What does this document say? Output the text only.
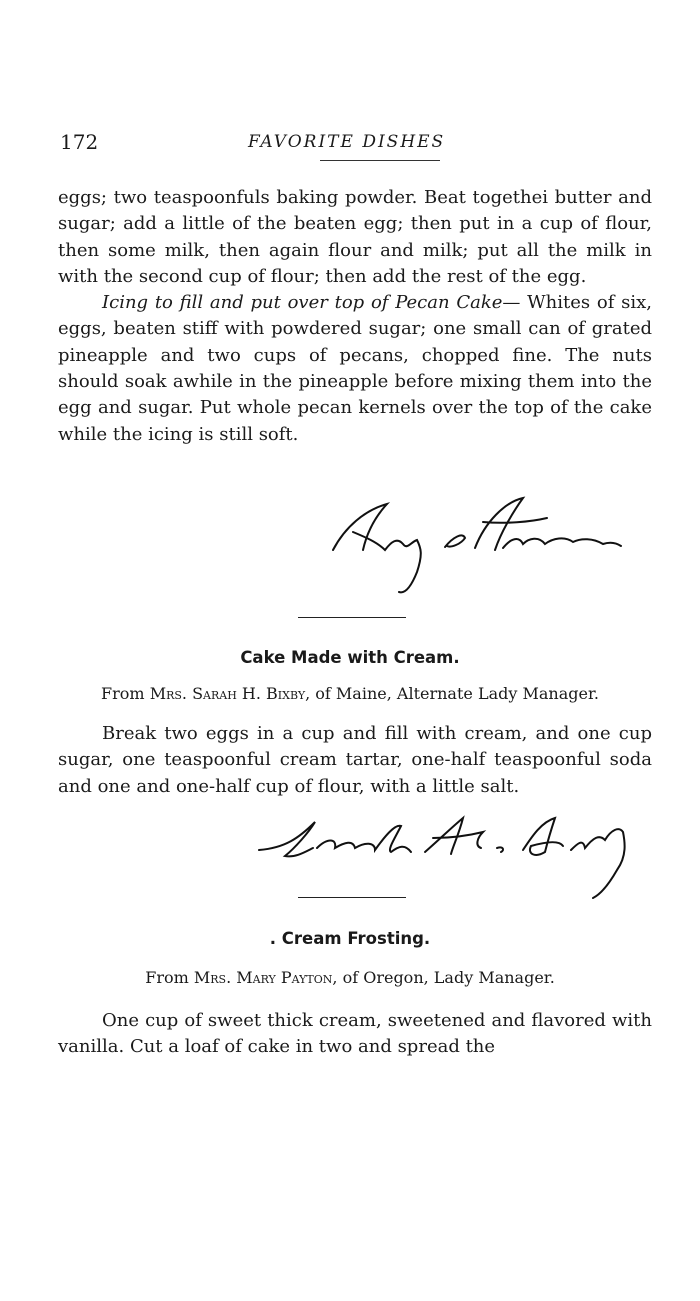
172	FAVORITE DISHES

eggs; two teaspoonfuls baking powder. Beat togethei butter and sugar; add a little of the beaten egg; then put in a cup of flour, then some milk, then again flour and milk; put all the milk in with the second cup of flour; then add the rest of the egg.

Icing to fill and put over top of Pecan Cake— Whites of six, eggs, beaten stiff with powdered sugar; one small can of grated pineapple and two cups of pecans, chopped fine. The nuts should soak awhile in the pineapple before mixing them into the egg and sugar. Put whole pecan kernels over the top of the cake while the icing is still soft.

Cake Made with Cream.
From Mrs. Sarah H. Bixby, of Maine, Alternate Lady Manager.

Break two eggs in a cup and fill with cream, and one cup sugar, one teaspoonful cream tartar, one-half teaspoonful soda and one and one-half cup of flour, with a little salt.

. Cream Frosting.
From Mrs. Mary Payton, of Oregon, Lady Manager.

One cup of sweet thick cream, sweetened and flavored with vanilla. Cut a loaf of cake in two and spread the
